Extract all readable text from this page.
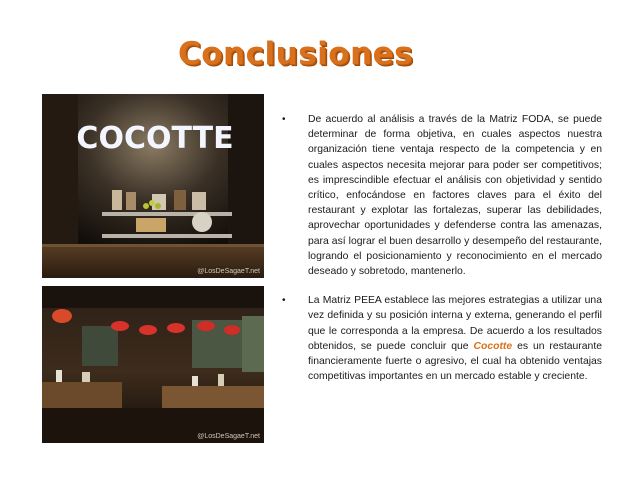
Conclusiones
COCOTTE
@LosDeSagaeT.net
@LosDeSagaeT.net
• De acuerdo al análisis a través de la Matriz FODA, se puede determinar de forma objetiva, en cuales aspectos nuestra organización tiene ventaja respecto de la competencia y en cuales aspectos necesita mejorar para poder ser competitivos; es imprescindible efectuar el análisis con objetividad y sentido crítico, enfocándose en factores claves para el éxito del restaurant y explotar las fortalezas, superar las debilidades, aprovechar oportunidades y defenderse contra las amenazas, para así lograr el buen desarrollo y desempeño del restaurante, logrando el posicionamiento y reconocimiento en el mercado deseado y sobretodo, mantenerlo.
• La Matriz PEEA establece las mejores estrategias a utilizar una vez definida y su posición interna y externa, generando el perfil que le corresponda a la empresa. De acuerdo a los resultados obtenidos, se puede concluir que Cocotte es un restaurante financieramente fuerte o agresivo, el cual ha obtenido ventajas competitivas importantes en un mercado estable y creciente.
